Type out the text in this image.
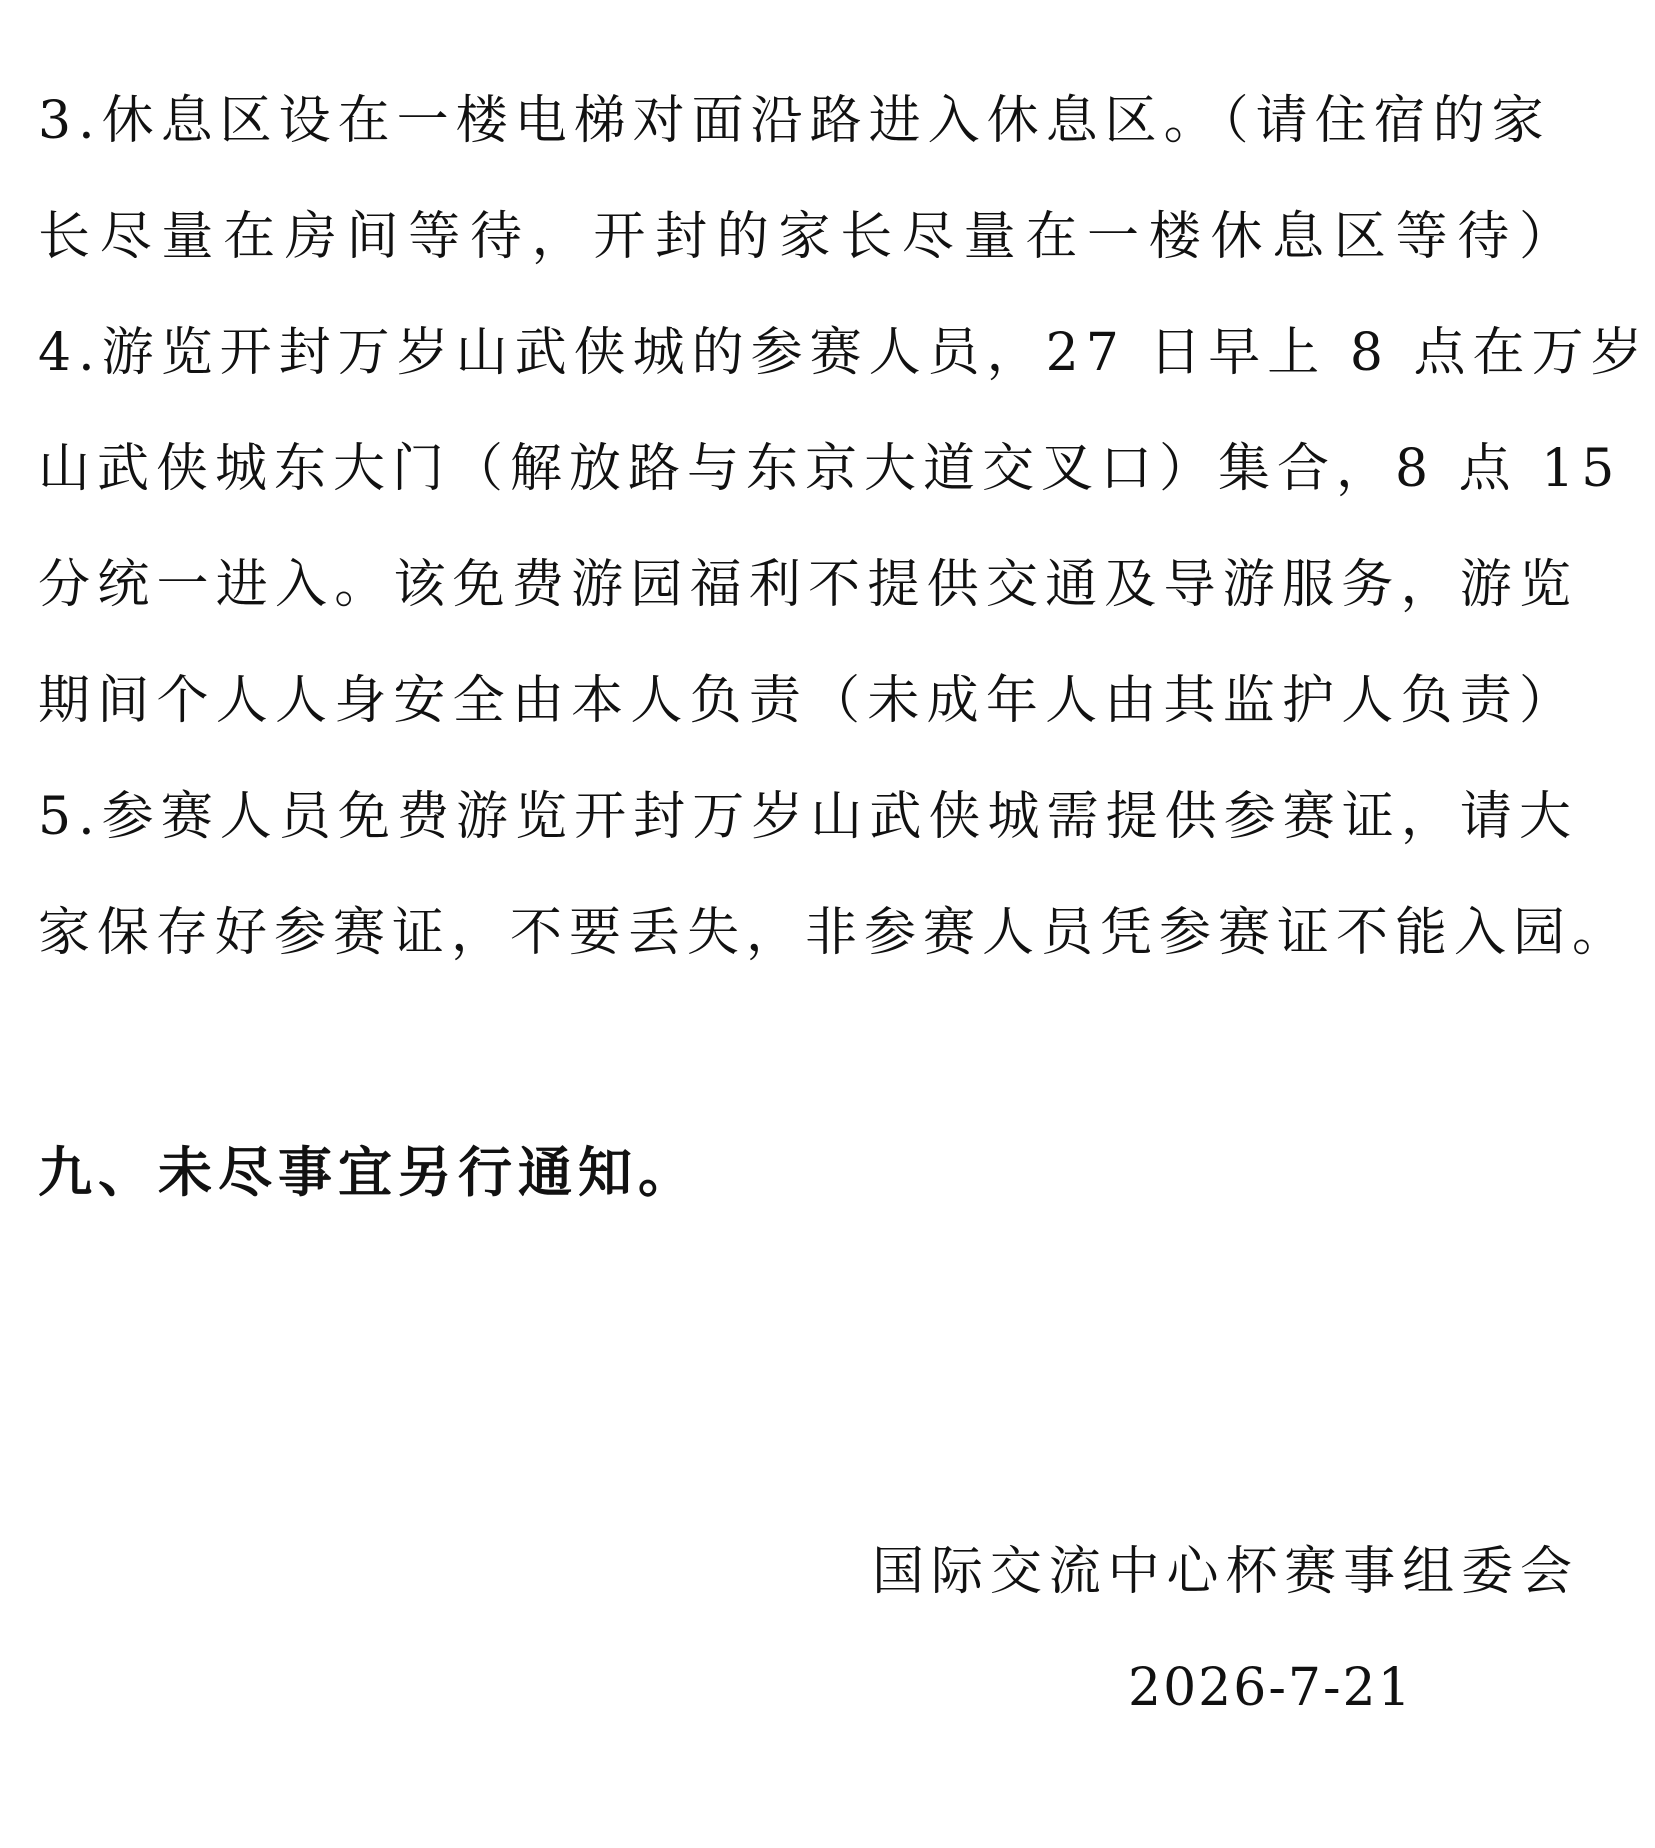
3.休息区设在一楼电梯对面沿路进入休息区。（请住宿的家
长尽量在房间等待，开封的家长尽量在一楼休息区等待）
4.游览开封万岁山武侠城的参赛人员，27 日早上 8 点在万岁
山武侠城东大门（解放路与东京大道交叉口）集合，8 点 15
分统一进入。该免费游园福利不提供交通及导游服务，游览
期间个人人身安全由本人负责（未成年人由其监护人负责）
5.参赛人员免费游览开封万岁山武侠城需提供参赛证，请大
家保存好参赛证，不要丢失，非参赛人员凭参赛证不能入园。
九、未尽事宜另行通知。
国际交流中心杯赛事组委会
2026-7-21
